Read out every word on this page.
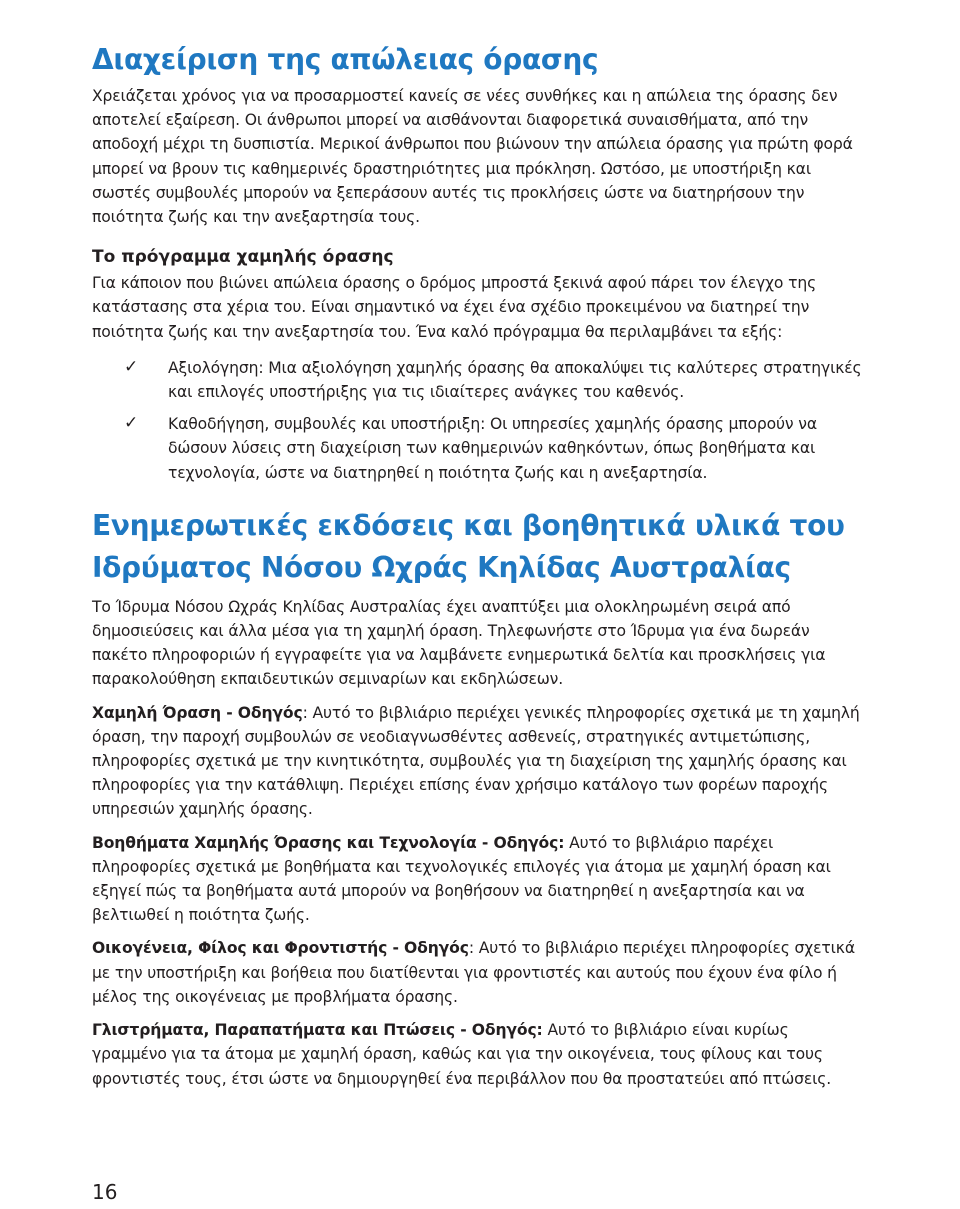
Διαχείριση της απώλειας όρασης

Χρειάζεται χρόνος για να προσαρμοστεί κανείς σε νέες συνθήκες και η απώλεια της όρασης δεν αποτελεί εξαίρεση. Οι άνθρωποι μπορεί να αισθάνονται διαφορετικά συναισθήματα, από την αποδοχή μέχρι τη δυσπιστία. Μερικοί άνθρωποι που βιώνουν την απώλεια όρασης για πρώτη φορά μπορεί να βρουν τις καθημερινές δραστηριότητες μια πρόκληση. Ωστόσο, με υποστήριξη και σωστές συμβουλές μπορούν να ξεπεράσουν αυτές τις προκλήσεις ώστε να διατηρήσουν την ποιότητα ζωής και την ανεξαρτησία τους.

Το πρόγραμμα χαμηλής όρασης

Για κάποιον που βιώνει απώλεια όρασης ο δρόμος μπροστά ξεκινά αφού πάρει τον έλεγχο της κατάστασης στα χέρια του. Είναι σημαντικό να έχει ένα σχέδιο προκειμένου να διατηρεί την ποιότητα ζωής και την ανεξαρτησία του. Ένα καλό πρόγραμμα θα περιλαμβάνει τα εξής:

✓ Αξιολόγηση: Μια αξιολόγηση χαμηλής όρασης θα αποκαλύψει τις καλύτερες στρατηγικές και επιλογές υποστήριξης για τις ιδιαίτερες ανάγκες του καθενός.

✓ Καθοδήγηση, συμβουλές και υποστήριξη: Οι υπηρεσίες χαμηλής όρασης μπορούν να δώσουν λύσεις στη διαχείριση των καθημερινών καθηκόντων, όπως βοηθήματα και τεχνολογία, ώστε να διατηρηθεί η ποιότητα ζωής και η ανεξαρτησία.

Ενημερωτικές εκδόσεις και βοηθητικά υλικά του
Ιδρύματος Νόσου Ωχράς Κηλίδας Αυστραλίας

Το Ίδρυμα Νόσου Ωχράς Κηλίδας Αυστραλίας έχει αναπτύξει μια ολοκληρωμένη σειρά από δημοσιεύσεις και άλλα μέσα για τη χαμηλή όραση. Τηλεφωνήστε στο Ίδρυμα για ένα δωρεάν πακέτο πληροφοριών ή εγγραφείτε για να λαμβάνετε ενημερωτικά δελτία και προσκλήσεις για παρακολούθηση εκπαιδευτικών σεμιναρίων και εκδηλώσεων.

Χαμηλή Όραση - Οδηγός: Αυτό το βιβλιάριο περιέχει γενικές πληροφορίες σχετικά με τη χαμηλή όραση, την παροχή συμβουλών σε νεοδιαγνωσθέντες ασθενείς, στρατηγικές αντιμετώπισης, πληροφορίες σχετικά με την κινητικότητα, συμβουλές για τη διαχείριση της χαμηλής όρασης και πληροφορίες για την κατάθλιψη. Περιέχει επίσης έναν χρήσιμο κατάλογο των φορέων παροχής υπηρεσιών χαμηλής όρασης.

Βοηθήματα Χαμηλής Όρασης και Τεχνολογία - Οδηγός: Αυτό το βιβλιάριο παρέχει πληροφορίες σχετικά με βοηθήματα και τεχνολογικές επιλογές για άτομα με χαμηλή όραση και εξηγεί πώς τα βοηθήματα αυτά μπορούν να βοηθήσουν να διατηρηθεί η ανεξαρτησία και να βελτιωθεί η ποιότητα ζωής.

Οικογένεια, Φίλος και Φροντιστής - Οδηγός: Αυτό το βιβλιάριο περιέχει πληροφορίες σχετικά με την υποστήριξη και βοήθεια που διατίθενται για φροντιστές και αυτούς που έχουν ένα φίλο ή μέλος της οικογένειας με προβλήματα όρασης.

Γλιστρήματα, Παραπατήματα και Πτώσεις - Οδηγός: Αυτό το βιβλιάριο είναι κυρίως γραμμένο για τα άτομα με χαμηλή όραση, καθώς και για την οικογένεια, τους φίλους και τους φροντιστές τους, έτσι ώστε να δημιουργηθεί ένα περιβάλλον που θα προστατεύει από πτώσεις.

16
